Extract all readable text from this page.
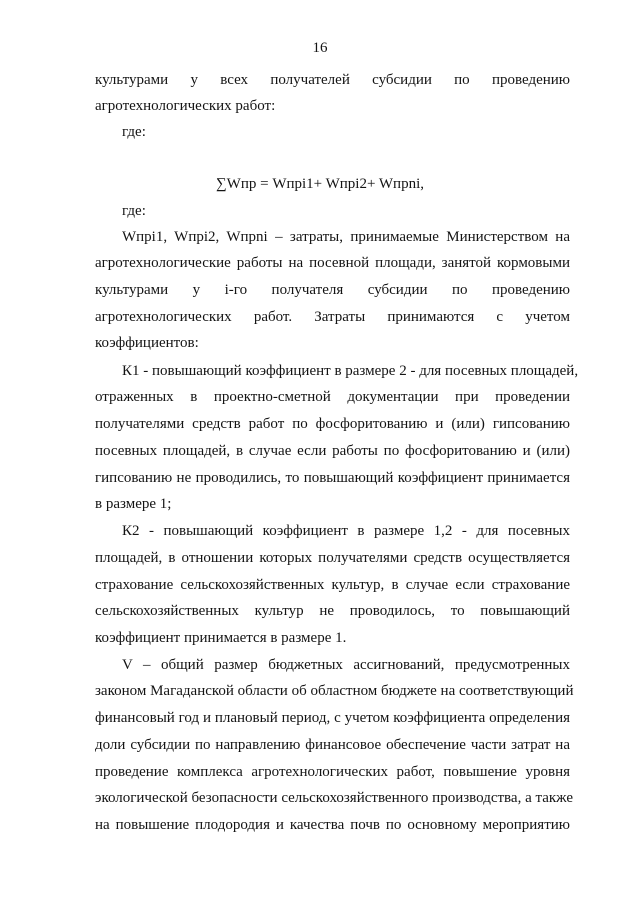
16
культурами у всех получателей субсидии по проведению
агротехнологических работ:
где:
∑Wпр = Wпрi1+ Wпрi2+ Wпрni,
где:
Wпрi1, Wпрi2, Wпрni – затраты, принимаемые Министерством на
агротехнологические работы на посевной площади, занятой кормовыми
культурами у i-го получателя субсидии по проведению
агротехнологических работ. Затраты принимаются с учетом
коэффициентов:
К1 - повышающий коэффициент в размере 2 - для посевных площадей,
отраженных в проектно-сметной документации при проведении
получателями средств работ по фосфоритованию и (или) гипсованию
посевных площадей, в случае если работы по фосфоритованию и (или)
гипсованию не проводились, то повышающий коэффициент принимается
в размере 1;
К2 - повышающий коэффициент в размере 1,2 - для посевных
площадей, в отношении которых получателями средств осуществляется
страхование сельскохозяйственных культур, в случае если страхование
сельскохозяйственных культур не проводилось, то повышающий
коэффициент принимается в размере 1.
V – общий размер бюджетных ассигнований, предусмотренных
законом Магаданской области об областном бюджете на соответствующий
финансовый год и плановый период, с учетом коэффициента определения
доли субсидии по направлению финансовое обеспечение части затрат на
проведение комплекса агротехнологических работ, повышение уровня
экологической безопасности сельскохозяйственного производства, а также
на повышение плодородия и качества почв по основному мероприятию
